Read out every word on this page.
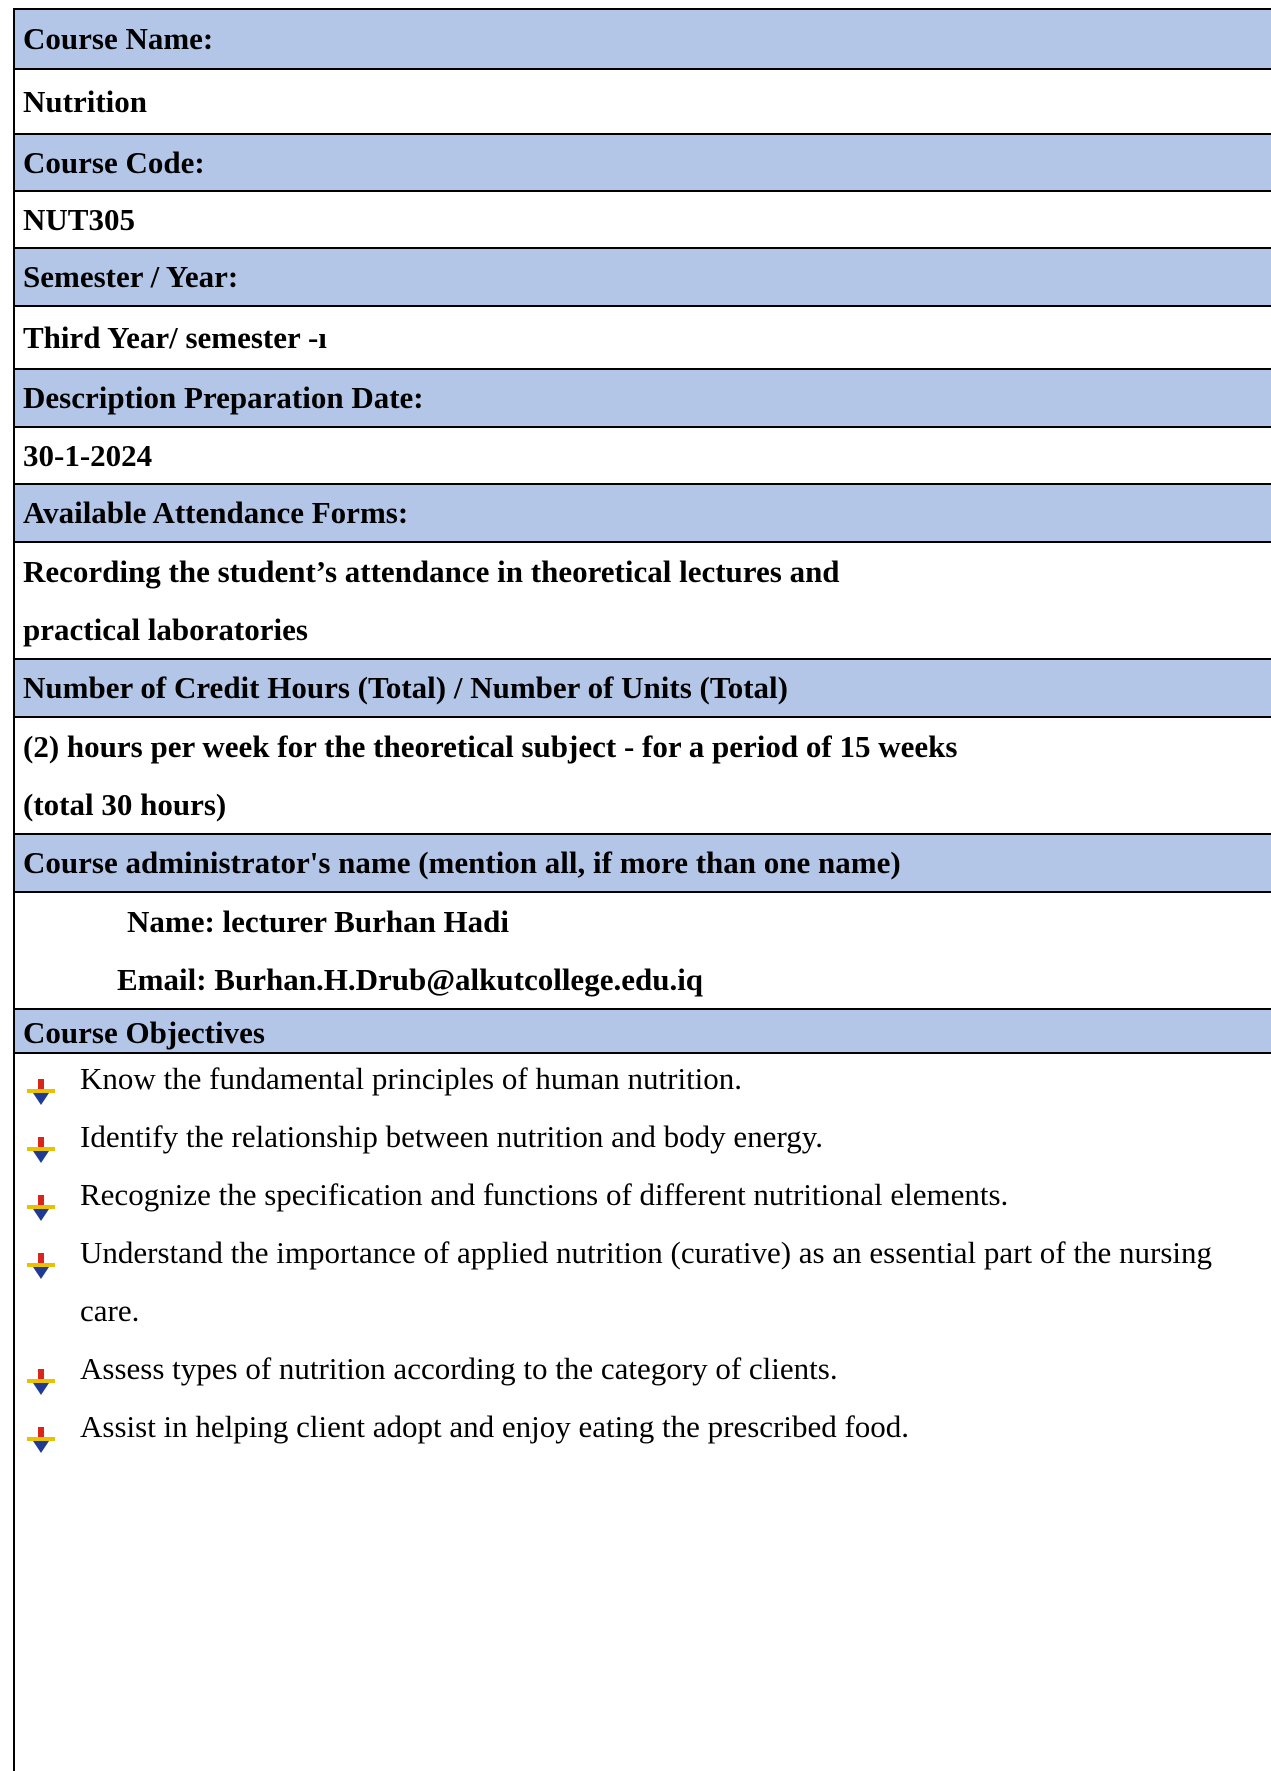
Course Name:
Nutrition
Course Code:
NUT305
Semester / Year:
Third Year/ semester -ı
Description Preparation Date:
30-1-2024
Available Attendance Forms:
Recording the student’s attendance in theoretical lectures and
practical laboratories
Number of Credit Hours (Total) / Number of Units (Total)
(2) hours per week for the theoretical subject - for a period of 15 weeks
(total 30 hours)
Course administrator's name (mention all, if more than one name)
Name: lecturer Burhan Hadi
Email: Burhan.H.Drub@alkutcollege.edu.iq
Course Objectives
Know the fundamental principles of human nutrition.
Identify the relationship between nutrition and body energy.
Recognize the specification and functions of different nutritional elements.
Understand the importance of applied nutrition (curative) as an essential part of the nursing care.
Assess types of nutrition according to the category of clients.
Assist in helping client adopt and enjoy eating the prescribed food.
